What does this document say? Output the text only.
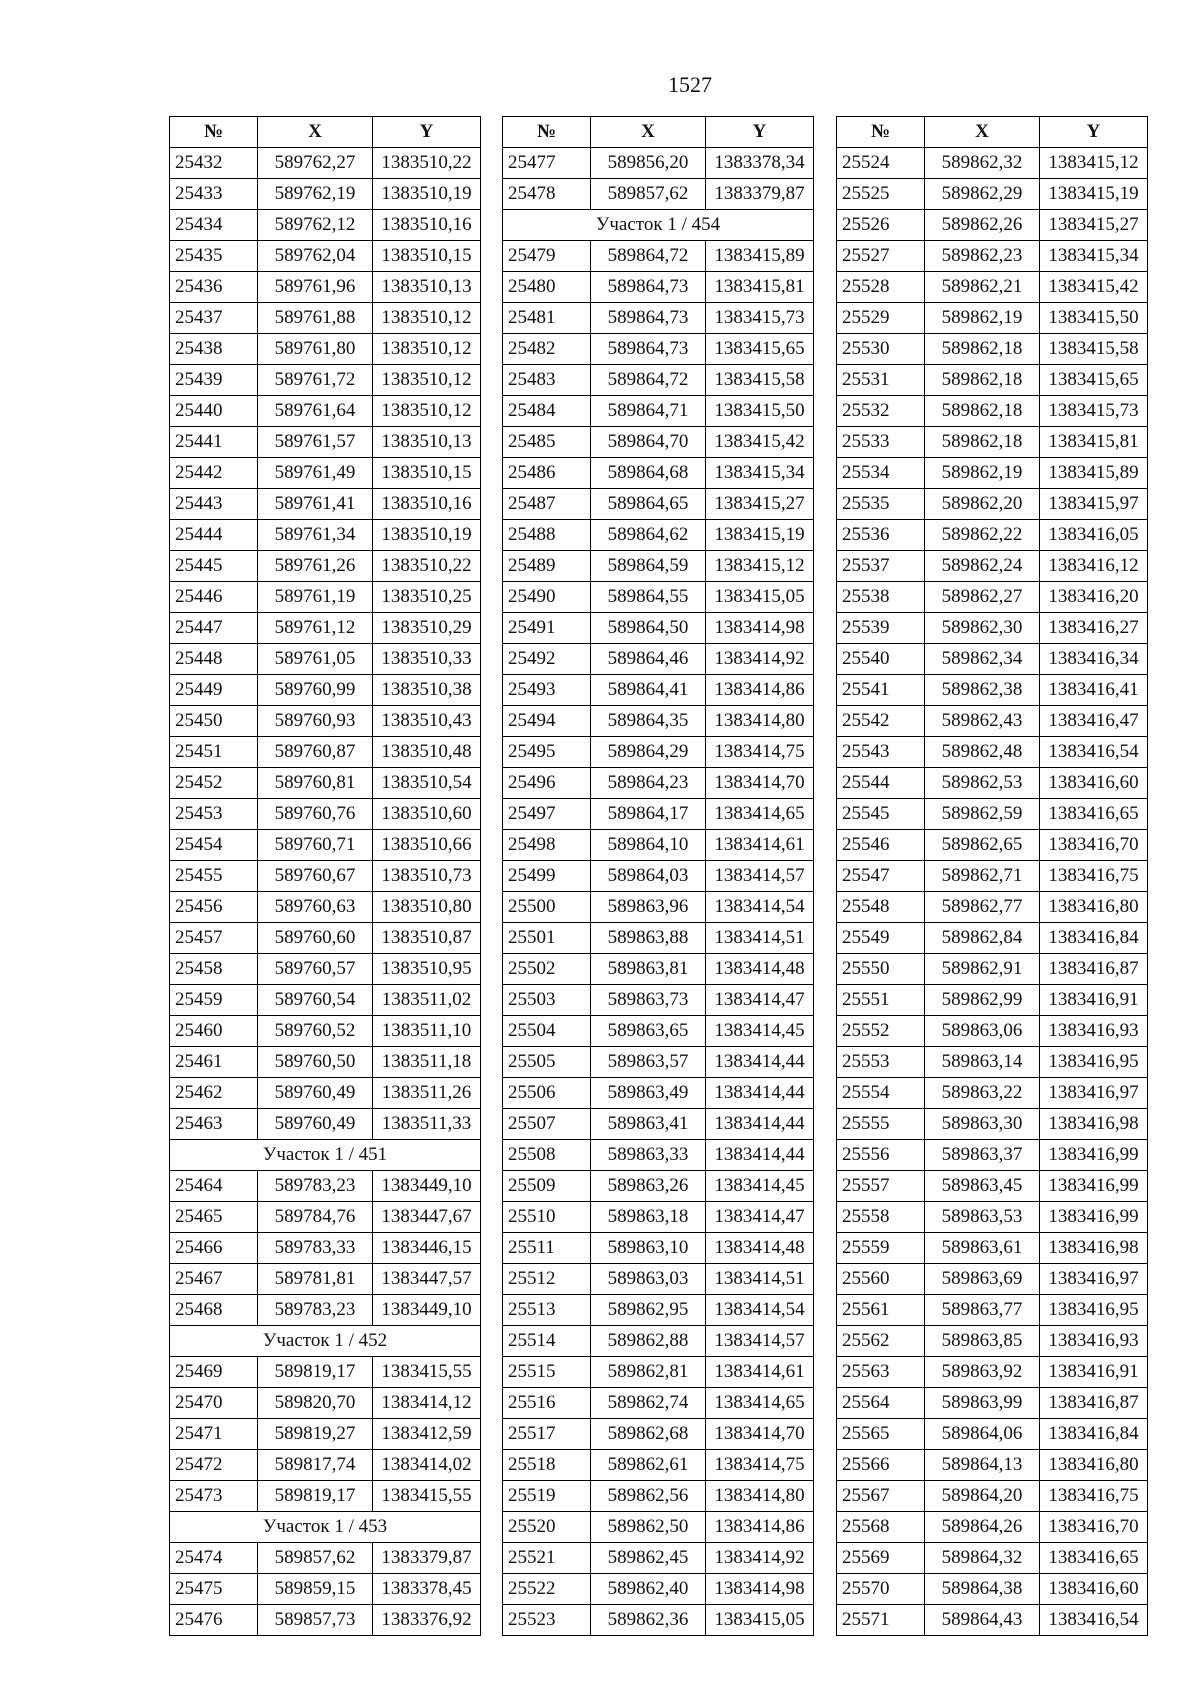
1527
№	X	Y
25432	589762,27	1383510,22
25433	589762,19	1383510,19
25434	589762,12	1383510,16
25435	589762,04	1383510,15
25436	589761,96	1383510,13
25437	589761,88	1383510,12
25438	589761,80	1383510,12
25439	589761,72	1383510,12
25440	589761,64	1383510,12
25441	589761,57	1383510,13
25442	589761,49	1383510,15
25443	589761,41	1383510,16
25444	589761,34	1383510,19
25445	589761,26	1383510,22
25446	589761,19	1383510,25
25447	589761,12	1383510,29
25448	589761,05	1383510,33
25449	589760,99	1383510,38
25450	589760,93	1383510,43
25451	589760,87	1383510,48
25452	589760,81	1383510,54
25453	589760,76	1383510,60
25454	589760,71	1383510,66
25455	589760,67	1383510,73
25456	589760,63	1383510,80
25457	589760,60	1383510,87
25458	589760,57	1383510,95
25459	589760,54	1383511,02
25460	589760,52	1383511,10
25461	589760,50	1383511,18
25462	589760,49	1383511,26
25463	589760,49	1383511,33
Участок 1 / 451		
25464	589783,23	1383449,10
25465	589784,76	1383447,67
25466	589783,33	1383446,15
25467	589781,81	1383447,57
25468	589783,23	1383449,10
Участок 1 / 452		
25469	589819,17	1383415,55
25470	589820,70	1383414,12
25471	589819,27	1383412,59
25472	589817,74	1383414,02
25473	589819,17	1383415,55
Участок 1 / 453		
25474	589857,62	1383379,87
25475	589859,15	1383378,45
25476	589857,73	1383376,92
№	X	Y
25477	589856,20	1383378,34
25478	589857,62	1383379,87
Участок 1 / 454		
25479	589864,72	1383415,89
25480	589864,73	1383415,81
25481	589864,73	1383415,73
25482	589864,73	1383415,65
25483	589864,72	1383415,58
25484	589864,71	1383415,50
25485	589864,70	1383415,42
25486	589864,68	1383415,34
25487	589864,65	1383415,27
25488	589864,62	1383415,19
25489	589864,59	1383415,12
25490	589864,55	1383415,05
25491	589864,50	1383414,98
25492	589864,46	1383414,92
25493	589864,41	1383414,86
25494	589864,35	1383414,80
25495	589864,29	1383414,75
25496	589864,23	1383414,70
25497	589864,17	1383414,65
25498	589864,10	1383414,61
25499	589864,03	1383414,57
25500	589863,96	1383414,54
25501	589863,88	1383414,51
25502	589863,81	1383414,48
25503	589863,73	1383414,47
25504	589863,65	1383414,45
25505	589863,57	1383414,44
25506	589863,49	1383414,44
25507	589863,41	1383414,44
25508	589863,33	1383414,44
25509	589863,26	1383414,45
25510	589863,18	1383414,47
25511	589863,10	1383414,48
25512	589863,03	1383414,51
25513	589862,95	1383414,54
25514	589862,88	1383414,57
25515	589862,81	1383414,61
25516	589862,74	1383414,65
25517	589862,68	1383414,70
25518	589862,61	1383414,75
25519	589862,56	1383414,80
25520	589862,50	1383414,86
25521	589862,45	1383414,92
25522	589862,40	1383414,98
25523	589862,36	1383415,05
№	X	Y
25524	589862,32	1383415,12
25525	589862,29	1383415,19
25526	589862,26	1383415,27
25527	589862,23	1383415,34
25528	589862,21	1383415,42
25529	589862,19	1383415,50
25530	589862,18	1383415,58
25531	589862,18	1383415,65
25532	589862,18	1383415,73
25533	589862,18	1383415,81
25534	589862,19	1383415,89
25535	589862,20	1383415,97
25536	589862,22	1383416,05
25537	589862,24	1383416,12
25538	589862,27	1383416,20
25539	589862,30	1383416,27
25540	589862,34	1383416,34
25541	589862,38	1383416,41
25542	589862,43	1383416,47
25543	589862,48	1383416,54
25544	589862,53	1383416,60
25545	589862,59	1383416,65
25546	589862,65	1383416,70
25547	589862,71	1383416,75
25548	589862,77	1383416,80
25549	589862,84	1383416,84
25550	589862,91	1383416,87
25551	589862,99	1383416,91
25552	589863,06	1383416,93
25553	589863,14	1383416,95
25554	589863,22	1383416,97
25555	589863,30	1383416,98
25556	589863,37	1383416,99
25557	589863,45	1383416,99
25558	589863,53	1383416,99
25559	589863,61	1383416,98
25560	589863,69	1383416,97
25561	589863,77	1383416,95
25562	589863,85	1383416,93
25563	589863,92	1383416,91
25564	589863,99	1383416,87
25565	589864,06	1383416,84
25566	589864,13	1383416,80
25567	589864,20	1383416,75
25568	589864,26	1383416,70
25569	589864,32	1383416,65
25570	589864,38	1383416,60
25571	589864,43	1383416,54
